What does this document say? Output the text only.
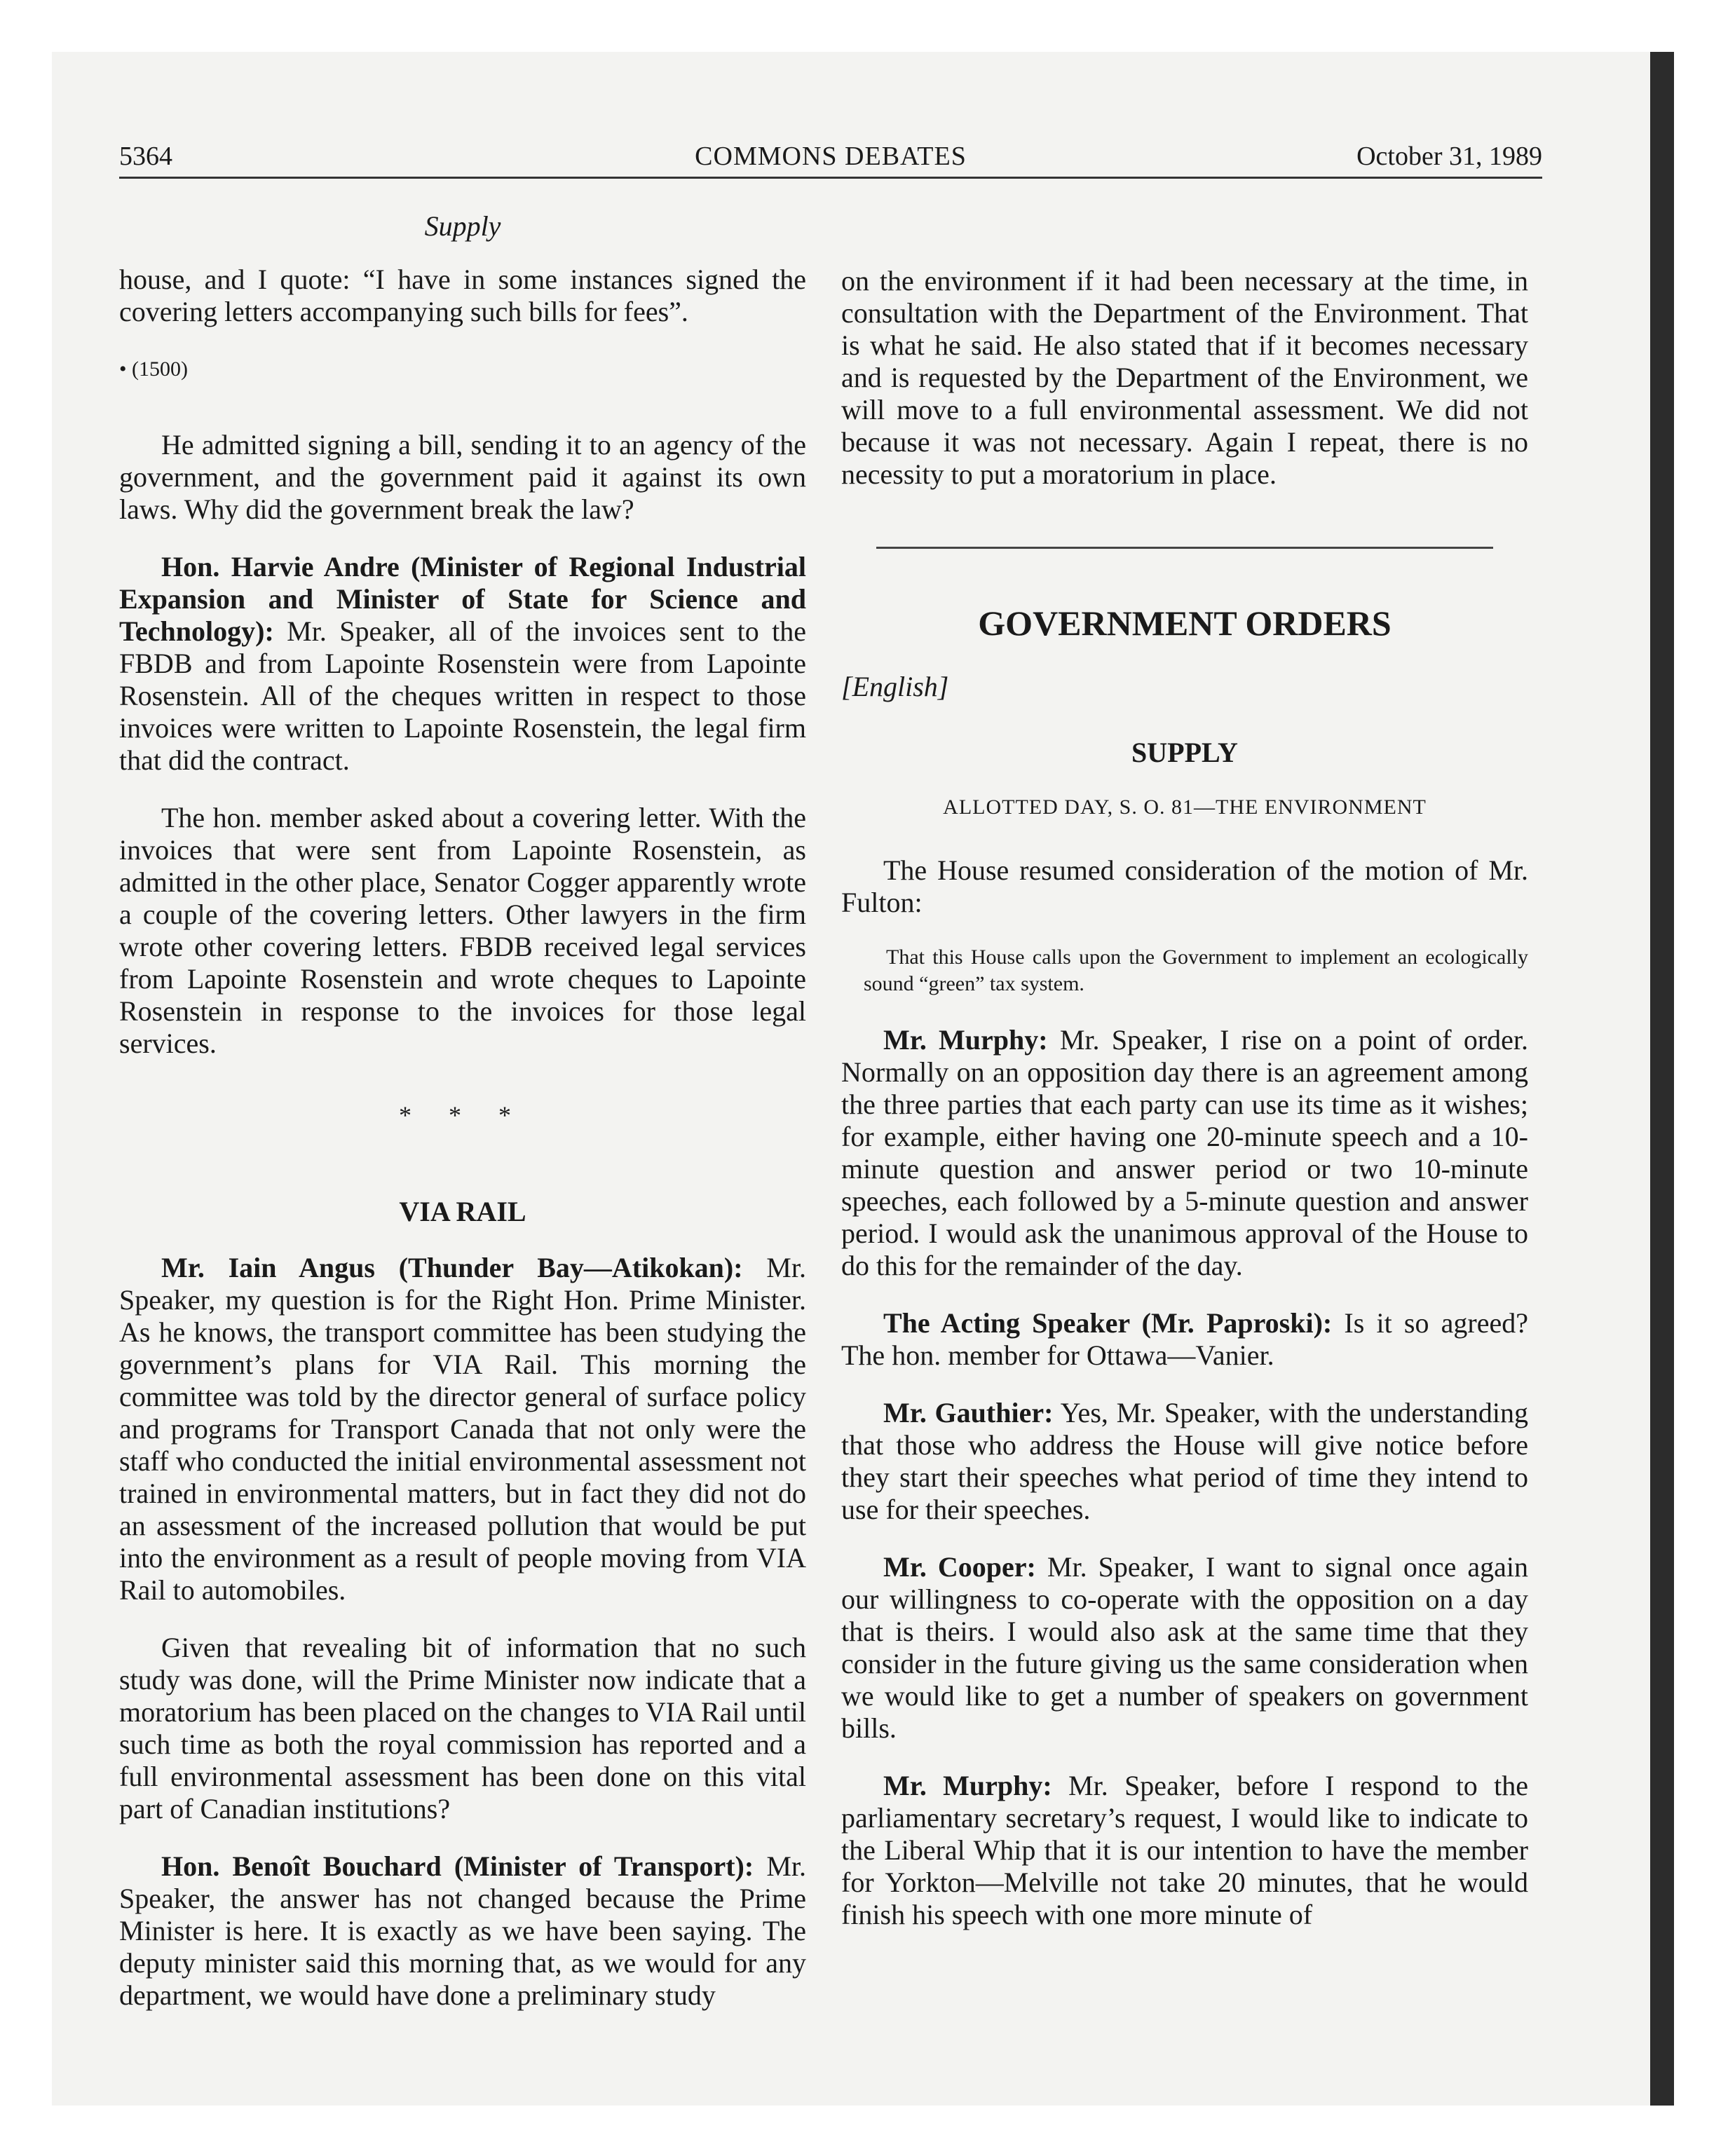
5364	COMMONS DEBATES	October 31, 1989
Supply

house, and I quote: “I have in some instances signed the covering letters accompanying such bills for fees”.

• (1500)

He admitted signing a bill, sending it to an agency of the government, and the government paid it against its own laws. Why did the government break the law?

Hon. Harvie Andre (Minister of Regional Industrial Expansion and Minister of State for Science and Technology): Mr. Speaker, all of the invoices sent to the FBDB and from Lapointe Rosenstein were from Lapointe Rosenstein. All of the cheques written in respect to those invoices were written to Lapointe Rosenstein, the legal firm that did the contract.

The hon. member asked about a covering letter. With the invoices that were sent from Lapointe Rosenstein, as admitted in the other place, Senator Cogger apparently wrote a couple of the covering letters. Other lawyers in the firm wrote other covering letters. FBDB received legal services from Lapointe Rosenstein and wrote cheques to Lapointe Rosenstein in response to the invoices for those legal services.

* * *
VIA RAIL

Mr. Iain Angus (Thunder Bay—Atikokan): Mr. Speaker, my question is for the Right Hon. Prime Minister. As he knows, the transport committee has been studying the government’s plans for VIA Rail. This morning the committee was told by the director general of surface policy and programs for Transport Canada that not only were the staff who conducted the initial environmental assessment not trained in environmental matters, but in fact they did not do an assessment of the increased pollution that would be put into the environment as a result of people moving from VIA Rail to automobiles.

Given that revealing bit of information that no such study was done, will the Prime Minister now indicate that a moratorium has been placed on the changes to VIA Rail until such time as both the royal commission has reported and a full environmental assessment has been done on this vital part of Canadian institutions?

Hon. Benoît Bouchard (Minister of Transport): Mr. Speaker, the answer has not changed because the Prime Minister is here. It is exactly as we have been saying. The deputy minister said this morning that, as we would for any department, we would have done a preliminary study

on the environment if it had been necessary at the time, in consultation with the Department of the Environment. That is what he said. He also stated that if it becomes necessary and is requested by the Department of the Environment, we will move to a full environmental assessment. We did not because it was not necessary. Again I repeat, there is no necessity to put a moratorium in place.

GOVERNMENT ORDERS
[English]
SUPPLY
ALLOTTED DAY, S. O. 81—THE ENVIRONMENT

The House resumed consideration of the motion of Mr. Fulton:

That this House calls upon the Government to implement an ecologically sound “green” tax system.

Mr. Murphy: Mr. Speaker, I rise on a point of order. Normally on an opposition day there is an agreement among the three parties that each party can use its time as it wishes; for example, either having one 20-minute speech and a 10-minute question and answer period or two 10-minute speeches, each followed by a 5-minute question and answer period. I would ask the unanimous approval of the House to do this for the remainder of the day.

The Acting Speaker (Mr. Paproski): Is it so agreed? The hon. member for Ottawa—Vanier.

Mr. Gauthier: Yes, Mr. Speaker, with the understanding that those who address the House will give notice before they start their speeches what period of time they intend to use for their speeches.

Mr. Cooper: Mr. Speaker, I want to signal once again our willingness to co-operate with the opposition on a day that is theirs. I would also ask at the same time that they consider in the future giving us the same consideration when we would like to get a number of speakers on government bills.

Mr. Murphy: Mr. Speaker, before I respond to the parliamentary secretary’s request, I would like to indicate to the Liberal Whip that it is our intention to have the member for Yorkton—Melville not take 20 minutes, that he would finish his speech with one more minute of
